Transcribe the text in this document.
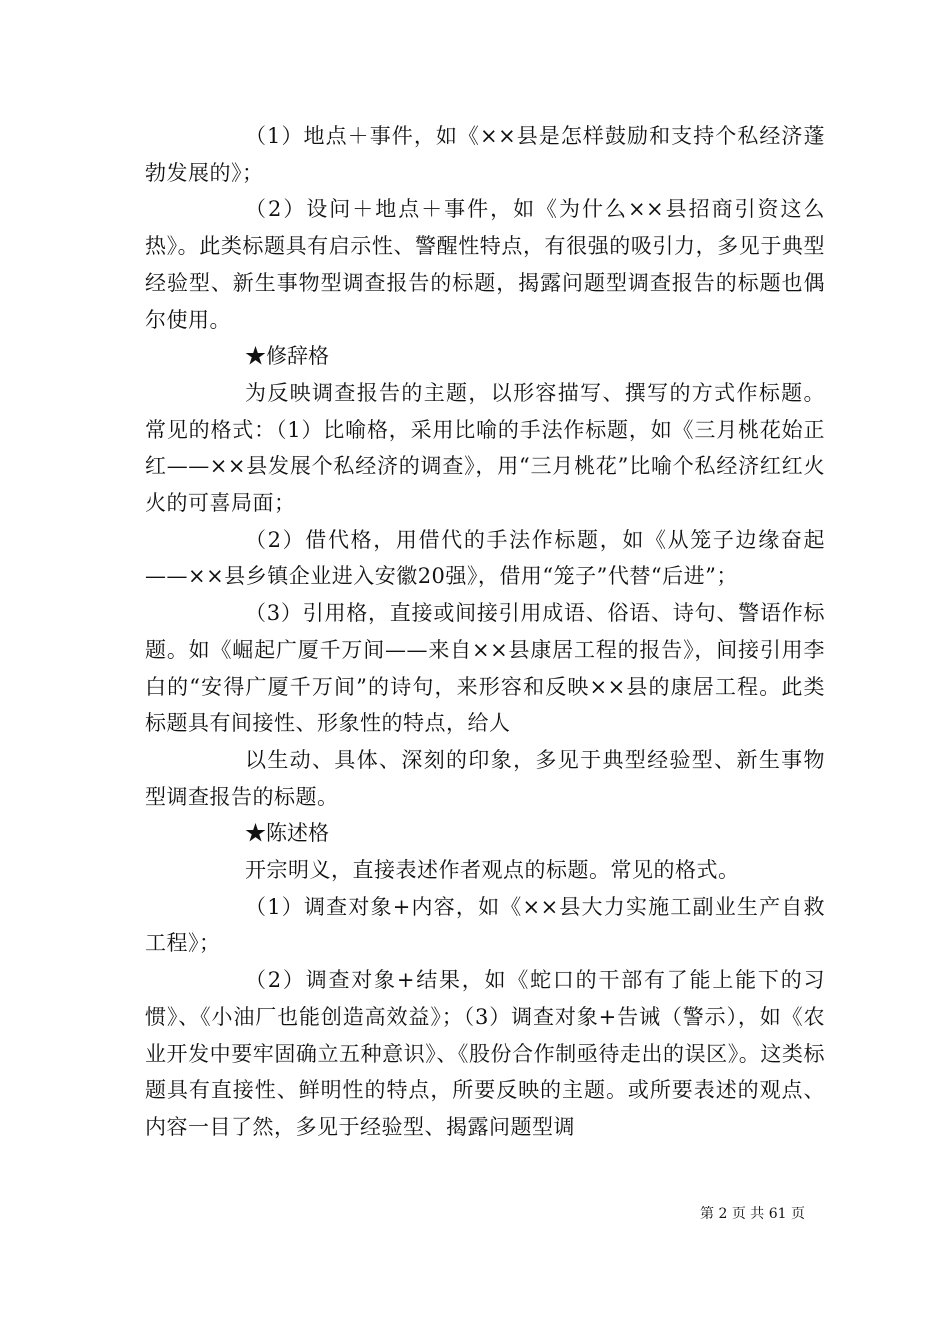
（1）地点＋事件，如《××县是怎样鼓励和支持个私经济蓬勃发展的》；

（2）设问＋地点＋事件，如《为什么××县招商引资这么热》。此类标题具有启示性、警醒性特点，有很强的吸引力，多见于典型经验型、新生事物型调查报告的标题，揭露问题型调查报告的标题也偶尔使用。

★修辞格

为反映调查报告的主题，以形容描写、撰写的方式作标题。常见的格式：（1）比喻格，采用比喻的手法作标题，如《三月桃花始正红——××县发展个私经济的调查》，用“三月桃花”比喻个私经济红红火火的可喜局面；

（2）借代格，用借代的手法作标题，如《从笼子边缘奋起——××县乡镇企业进入安徽20强》，借用“笼子”代替“后进”；

（3）引用格，直接或间接引用成语、俗语、诗句、警语作标题。如《崛起广厦千万间——来自××县康居工程的报告》，间接引用李白的“安得广厦千万间”的诗句，来形容和反映××县的康居工程。此类标题具有间接性、形象性的特点，给人

以生动、具体、深刻的印象，多见于典型经验型、新生事物型调查报告的标题。

★陈述格

开宗明义，直接表述作者观点的标题。常见的格式。

（1）调查对象+内容，如《××县大力实施工副业生产自救工程》；

（2）调查对象+结果，如《蛇口的干部有了能上能下的习惯》、《小油厂也能创造高效益》；（3）调查对象+告诫（警示），如《农业开发中要牢固确立五种意识》、《股份合作制亟待走出的误区》。这类标题具有直接性、鲜明性的特点，所要反映的主题。或所要表述的观点、内容一目了然，多见于经验型、揭露问题型调

第 2 页 共 61 页
